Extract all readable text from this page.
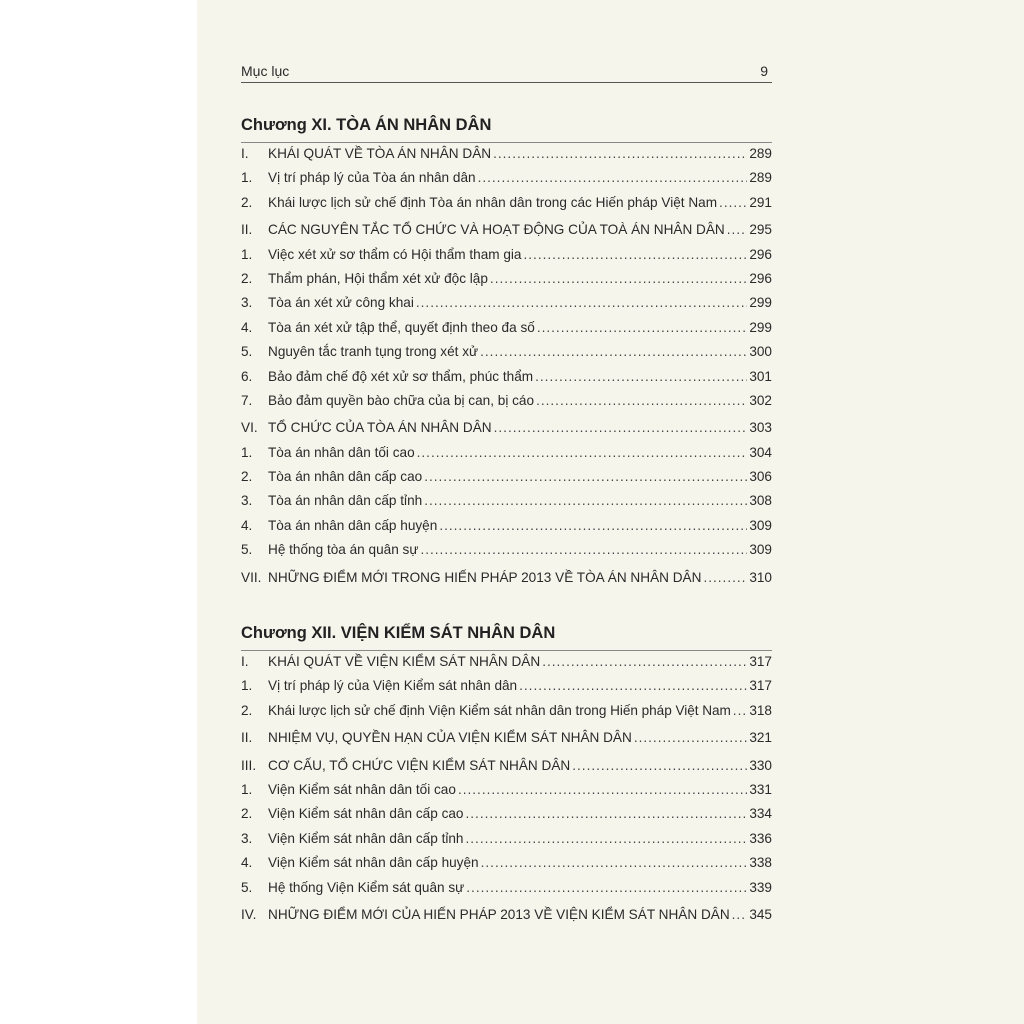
Mục lục	9
Chương XI. TÒA ÁN NHÂN DÂN
I.	KHÁI QUÁT VỀ TÒA ÁN NHÂN DÂN .....	289
1.	Vị trí pháp lý của Tòa án nhân dân .....	289
2.	Khái lược lịch sử chế định Tòa án nhân dân trong các Hiến pháp Việt Nam ..... 291
II.	CÁC NGUYÊN TẮC TỔ CHỨC VÀ HOẠT ĐỘNG CỦA TOÀ ÁN NHÂN DÂN ..... 295
1.	Việc xét xử sơ thẩm có Hội thẩm tham gia .....	296
2.	Thẩm phán, Hội thẩm xét xử độc lập .....	296
3.	Tòa án xét xử công khai .....	299
4.	Tòa án xét xử tập thể, quyết định theo đa số .....	299
5.	Nguyên tắc tranh tụng trong xét xử .....	300
6.	Bảo đảm chế độ xét xử sơ thẩm, phúc thẩm .....	301
7.	Bảo đảm quyền bào chữa của bị can, bị cáo .....	302
VI. TỔ CHỨC CỦA TÒA ÁN NHÂN DÂN .....	303
1.	Tòa án nhân dân tối cao .....	304
2.	Tòa án nhân dân cấp cao .....	306
3.	Tòa án nhân dân cấp tỉnh .....	308
4.	Tòa án nhân dân cấp huyện .....	309
5.	Hệ thống tòa án quân sự .....	309
VII. NHỮNG ĐIỂM MỚI TRONG HIẾN PHÁP 2013 VỀ TÒA ÁN NHÂN DÂN .....	310
Chương XII. VIỆN KIỂM SÁT NHÂN DÂN
I.	KHÁI QUÁT VỀ VIỆN KIỂM SÁT NHÂN DÂN .....	317
1.	Vị trí pháp lý của Viện Kiểm sát nhân dân .....	317
2.	Khái lược lịch sử chế định Viện Kiểm sát nhân dân trong Hiến pháp Việt Nam ..... 318
II.	NHIỆM VỤ, QUYỀN HẠN CỦA VIỆN KIỂM SÁT NHÂN DÂN .....	321
III. CƠ CẤU, TỔ CHỨC VIỆN KIỂM SÁT NHÂN DÂN .....	330
1.	Viện Kiểm sát nhân dân tối cao .....	331
2.	Viện Kiểm sát nhân dân cấp cao .....	334
3.	Viện Kiểm sát nhân dân cấp tỉnh .....	336
4.	Viện Kiểm sát nhân dân cấp huyện .....	338
5.	Hệ thống Viện Kiểm sát quân sự .....	339
IV. NHỮNG ĐIỂM MỚI CỦA HIẾN PHÁP 2013 VỀ VIỆN KIỂM SÁT NHÂN DÂN ..... 345
